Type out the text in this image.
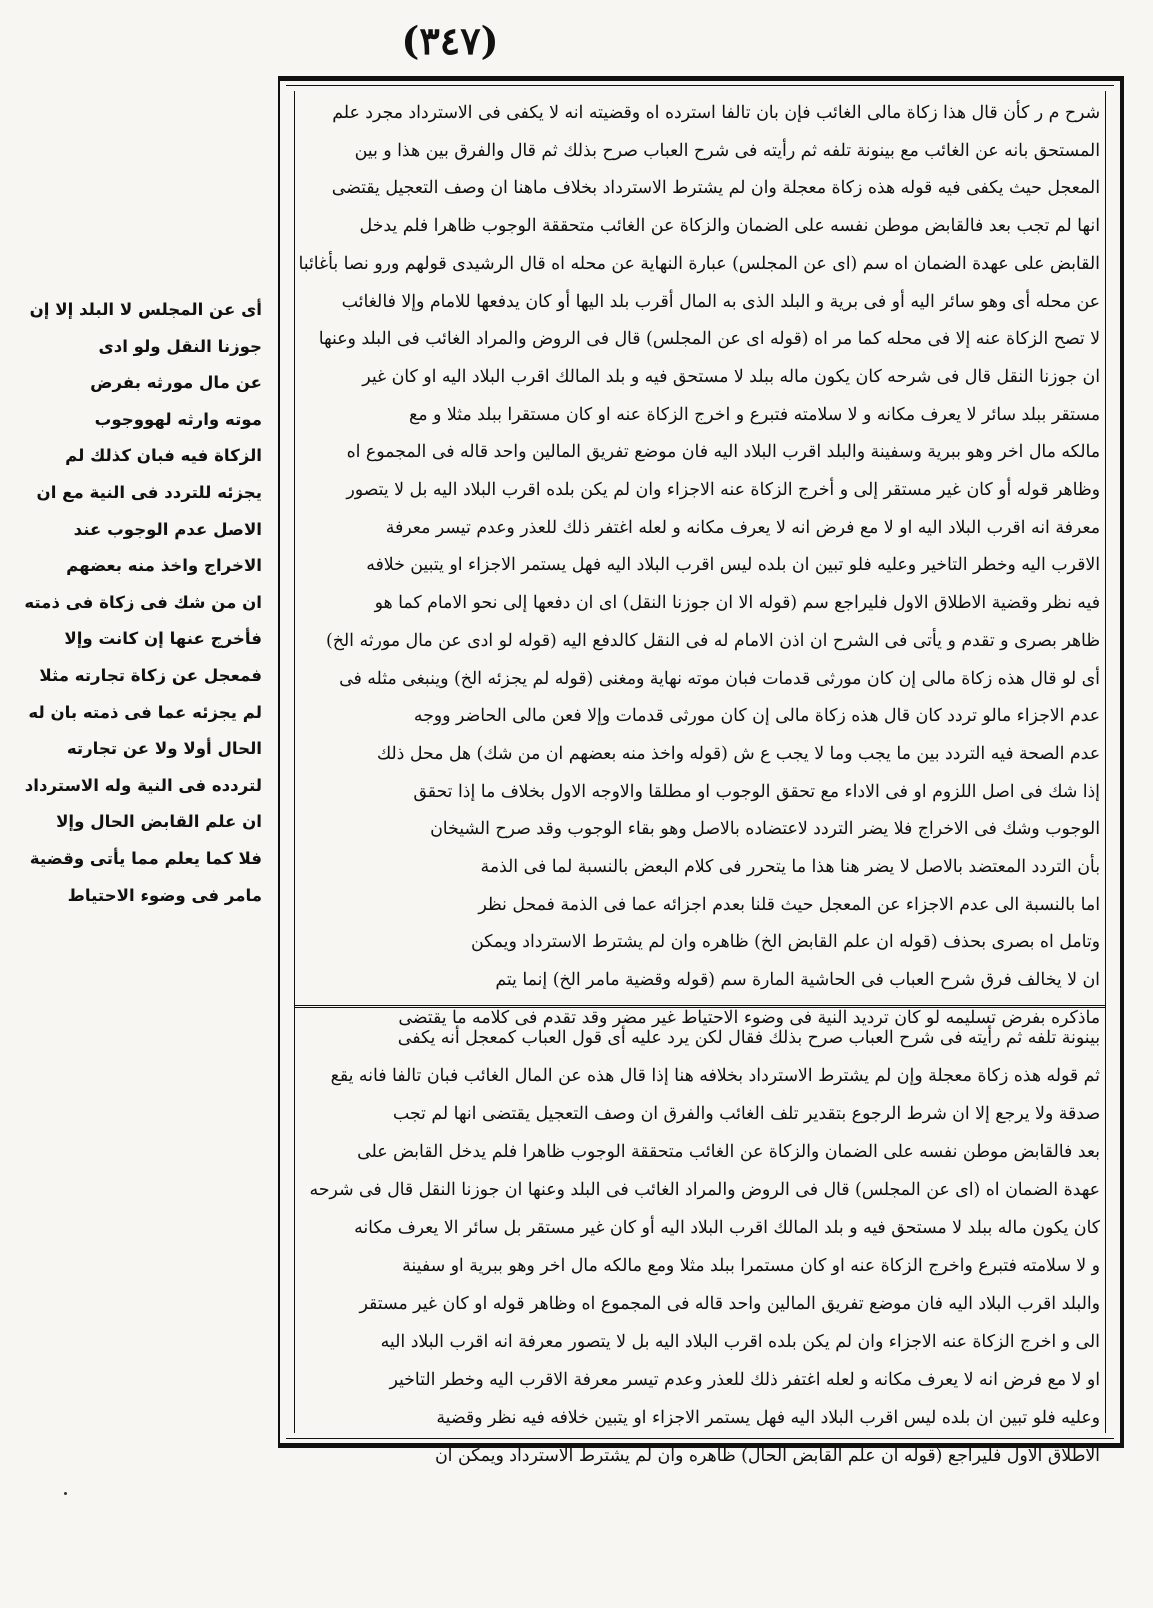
(٣٤٧)

شرح م ر كأن قال هذا زكاة مالى الغائب فإن بان تالفا استرده اه وقضيته انه لا يكفى فى الاسترداد مجرد علم

المستحق بانه عن الغائب مع بينونة تلفه ثم رأيته فى شرح العباب صرح بذلك ثم قال والفرق بين هذا و بين

المعجل حيث يكفى فيه قوله هذه زكاة معجلة وان لم يشترط الاسترداد بخلاف ماهنا ان وصف التعجيل يقتضى

انها لم تجب بعد فالقابض موطن نفسه على الضمان والزكاة عن الغائب متحققة الوجوب ظاهرا فلم يدخل

القابض على عهدة الضمان اه سم (اى عن المجلس) عبارة النهاية عن محله اه قال الرشيدى قولهم ورو نصا بأغائبا

عن محله أى وهو سائر اليه أو فى برية و البلد الذى به المال أقرب بلد اليها أو كان يدفعها للامام وإلا فالغائب

لا تصح الزكاة عنه إلا فى محله كما مر اه (قوله اى عن المجلس) قال فى الروض والمراد الغائب فى البلد وعنها

ان جوزنا النقل قال فى شرحه كان يكون ماله ببلد لا مستحق فيه و بلد المالك اقرب البلاد اليه او كان غير

مستقر ببلد سائر لا يعرف مكانه و لا سلامته فتبرع و اخرج الزكاة عنه او كان مستقرا ببلد مثلا و مع

مالكه مال اخر وهو ببرية وسفينة والبلد اقرب البلاد اليه فان موضع تفريق المالين واحد قاله فى المجموع اه

وظاهر قوله أو كان غير مستقر إلى و أخرج الزكاة عنه الاجزاء وان لم يكن بلده اقرب البلاد اليه بل لا يتصور

معرفة انه اقرب البلاد اليه او لا مع فرض انه لا يعرف مكانه و لعله اغتفر ذلك للعذر وعدم تيسر معرفة

الاقرب اليه وخطر التاخير وعليه فلو تبين ان بلده ليس اقرب البلاد اليه فهل يستمر الاجزاء او يتبين خلافه

فيه نظر وقضية الاطلاق الاول فليراجع سم (قوله الا ان جوزنا النقل) اى ان دفعها إلى نحو الامام كما هو

ظاهر بصرى و تقدم و يأتى فى الشرح ان اذن الامام له فى النقل كالدفع اليه (قوله لو ادى عن مال مورثه الخ)

أى لو قال هذه زكاة مالى إن كان مورثى قدمات فبان موته نهاية ومغنى (قوله لم يجزئه الخ) وينبغى مثله فى

عدم الاجزاء مالو تردد كان قال هذه زكاة مالى إن كان مورثى قدمات وإلا فعن مالى الحاضر ووجه

عدم الصحة فيه التردد بين ما يجب وما لا يجب ع ش (قوله واخذ منه بعضهم ان من شك) هل محل ذلك

إذا شك فى اصل اللزوم او فى الاداء مع تحقق الوجوب او مطلقا والاوجه الاول بخلاف ما إذا تحقق

الوجوب وشك فى الاخراج فلا يضر التردد لاعتضاده بالاصل وهو بقاء الوجوب وقد صرح الشيخان

بأن التردد المعتضد بالاصل لا يضر هنا هذا ما يتحرر فى كلام البعض بالنسبة لما فى الذمة

اما بالنسبة الى عدم الاجزاء عن المعجل حيث قلنا بعدم اجزائه عما فى الذمة فمحل نظر

وتامل اه بصرى بحذف (قوله ان علم القابض الخ) ظاهره وان لم يشترط الاسترداد ويمكن

ان لا يخالف فرق شرح العباب فى الحاشية المارة سم (قوله وقضية مامر الخ) إنما يتم

ماذكره بفرض تسليمه لو كان ترديد النية فى وضوء الاحتياط غير مضر وقد تقدم فى كلامه ما يقتضى

بينونة تلفه ثم رأيته فى شرح العباب صرح بذلك فقال لكن يرد عليه أى قول العباب كمعجل أنه يكفى

ثم قوله هذه زكاة معجلة وإن لم يشترط الاسترداد بخلافه هنا إذا قال هذه عن المال الغائب فبان تالفا فانه يقع

صدقة ولا يرجع إلا ان شرط الرجوع بتقدير تلف الغائب والفرق ان وصف التعجيل يقتضى انها لم تجب

بعد فالقابض موطن نفسه على الضمان والزكاة عن الغائب متحققة الوجوب ظاهرا فلم يدخل القابض على

عهدة الضمان اه (اى عن المجلس) قال فى الروض والمراد الغائب فى البلد وعنها ان جوزنا النقل قال فى شرحه

كان يكون ماله ببلد لا مستحق فيه و بلد المالك اقرب البلاد اليه أو كان غير مستقر بل سائر الا يعرف مكانه

و لا سلامته فتبرع واخرج الزكاة عنه او كان مستمرا ببلد مثلا ومع مالكه مال اخر وهو ببرية او سفينة

والبلد اقرب البلاد اليه فان موضع تفريق المالين واحد قاله فى المجموع اه وظاهر قوله او كان غير مستقر

الى و اخرج الزكاة عنه الاجزاء وان لم يكن بلده اقرب البلاد اليه بل لا يتصور معرفة انه اقرب البلاد اليه

او لا مع فرض انه لا يعرف مكانه و لعله اغتفر ذلك للعذر وعدم تيسر معرفة الاقرب اليه وخطر التاخير

وعليه فلو تبين ان بلده ليس اقرب البلاد اليه فهل يستمر الاجزاء او يتبين خلافه فيه نظر وقضية

الاطلاق الاول فليراجع (قوله ان علم القابض الحال) ظاهره وان لم يشترط الاسترداد ويمكن ان

أى عن المجلس لا البلد إلا إن

جوزنا النقل ولو ادى

عن مال مورثه بفرض

موته وارثه لهووجوب

الزكاة فيه فبان كذلك لم

يجزئه للتردد فى النية مع ان

الاصل عدم الوجوب عند

الاخراج واخذ منه بعضهم

ان من شك فى زكاة فى ذمته

فأخرج عنها إن كانت وإلا

فمعجل عن زكاة تجارته مثلا

لم يجزئه عما فى ذمته بان له

الحال أولا ولا عن تجارته

لتردده فى النية وله الاسترداد

ان علم القابض الحال وإلا

فلا كما يعلم مما يأتى وقضية

مامر فى وضوء الاحتياط
